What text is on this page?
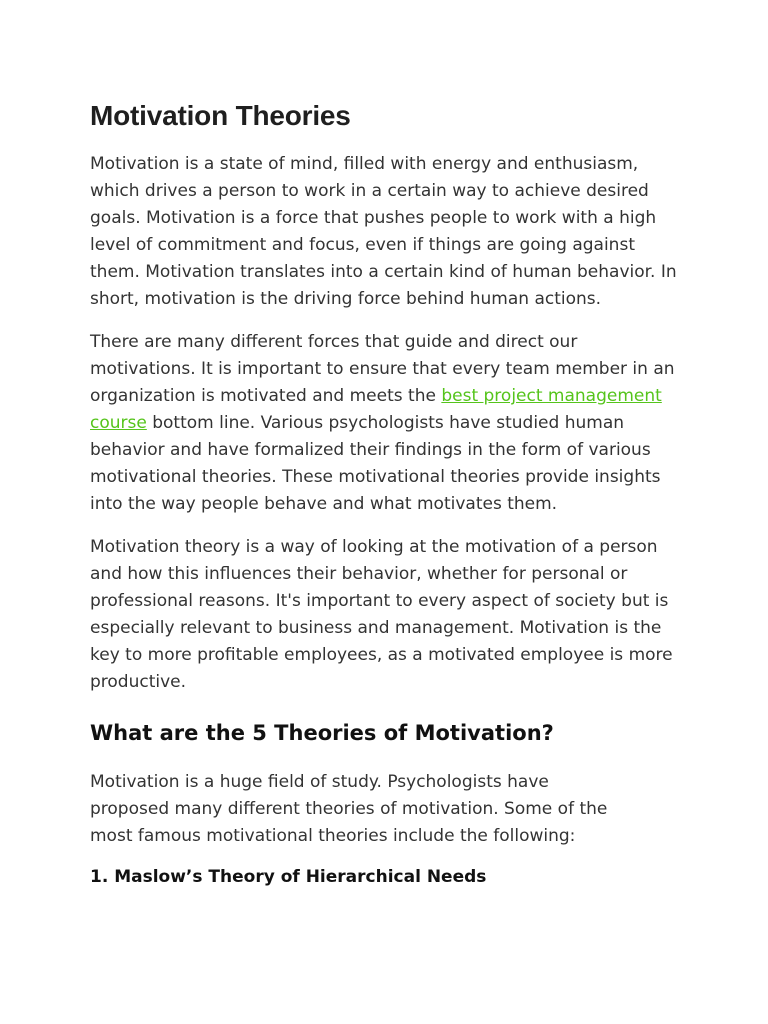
Motivation Theories

Motivation is a state of mind, filled with energy and enthusiasm, which drives a person to work in a certain way to achieve desired goals. Motivation is a force that pushes people to work with a high level of commitment and focus, even if things are going against them. Motivation translates into a certain kind of human behavior. In short, motivation is the driving force behind human actions.

There are many different forces that guide and direct our motivations. It is important to ensure that every team member in an organization is motivated and meets the best project management course bottom line. Various psychologists have studied human behavior and have formalized their findings in the form of various motivational theories. These motivational theories provide insights into the way people behave and what motivates them.

Motivation theory is a way of looking at the motivation of a person and how this influences their behavior, whether for personal or professional reasons. It's important to every aspect of society but is especially relevant to business and management. Motivation is the key to more profitable employees, as a motivated employee is more productive.

What are the 5 Theories of Motivation?

Motivation is a huge field of study. Psychologists have proposed many different theories of motivation. Some of the most famous motivational theories include the following:

1. Maslow’s Theory of Hierarchical Needs
